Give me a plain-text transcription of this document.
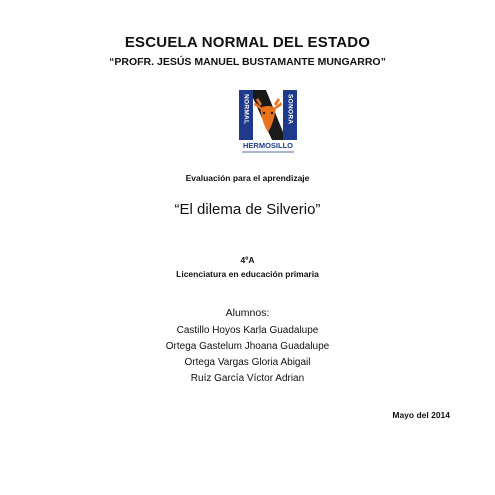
ESCUELA NORMAL DEL ESTADO
“PROFR. JESÚS MANUEL BUSTAMANTE MUNGARRO”
NORMAL	SONORA
HERMOSILLO
Evaluación para el aprendizaje
“El dilema de Silverio”
4ºA
Licenciatura en educación primaria
Alumnos:
Castillo Hoyos Karla Guadalupe
Ortega Gastelum Jhoana Guadalupe
Ortega Vargas Gloria Abigail
Ruíz García Víctor Adrian
Mayo del 2014
